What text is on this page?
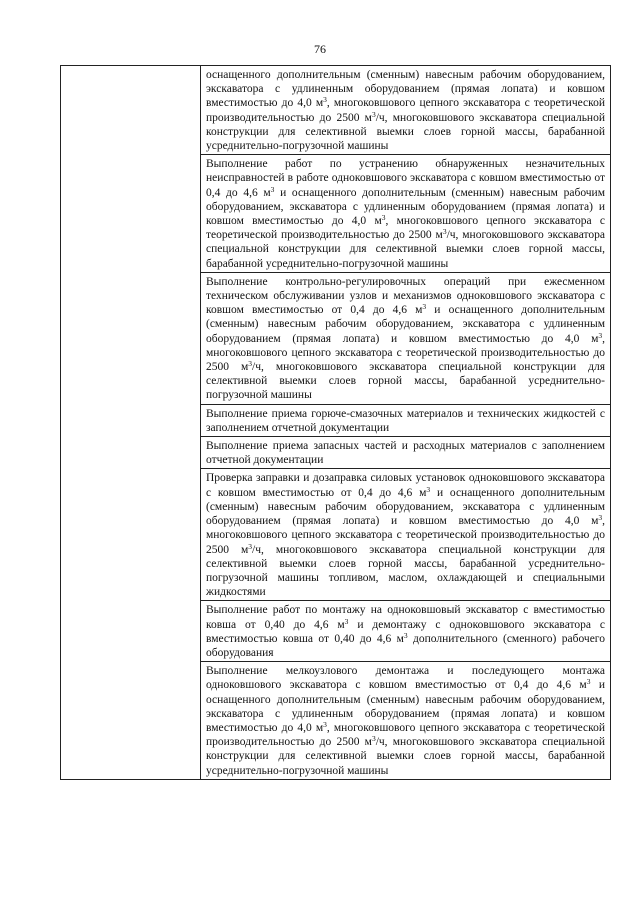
76

оснащенного дополнительным (сменным) навесным рабочим оборудованием, экскаватора с удлиненным оборудованием (прямая лопата) и ковшом вместимостью до 4,0 $м^3$, многоковшового цепного экскаватора с теоретической производительностью до 2500 $м^3/ч$, многоковшового экскаватора специальной конструкции для селективной выемки слоев горной массы, барабанной усреднительно-погрузочной машины

Выполнение работ по устранению обнаруженных незначительных неисправностей в работе одноковшового экскаватора с ковшом вместимостью от 0,4 до 4,6 $м^3$ и оснащенного дополнительным (сменным) навесным рабочим оборудованием, экскаватора с удлиненным оборудованием (прямая лопата) и ковшом вместимостью до 4,0 $м^3$, многоковшового цепного экскаватора с теоретической производительностью до 2500 $м^3/ч$, многоковшового экскаватора специальной конструкции для селективной выемки слоев горной массы, барабанной усреднительно-погрузочной машины

Выполнение контрольно-регулировочных операций при ежесменном техническом обслуживании узлов и механизмов одноковшового экскаватора с ковшом вместимостью от 0,4 до 4,6 $м^3$ и оснащенного дополнительным (сменным) навесным рабочим оборудованием, экскаватора с удлиненным оборудованием (прямая лопата) и ковшом вместимостью до 4,0 $м^3$, многоковшового цепного экскаватора с теоретической производительностью до 2500 $м^3/ч$, многоковшового экскаватора специальной конструкции для селективной выемки слоев горной массы, барабанной усреднительно-погрузочной машины

Выполнение приема горюче-смазочных материалов и технических жидкостей с заполнением отчетной документации

Выполнение приема запасных частей и расходных материалов с заполнением отчетной документации

Проверка заправки и дозаправка силовых установок одноковшового экскаватора с ковшом вместимостью от 0,4 до 4,6 $м^3$ и оснащенного дополнительным (сменным) навесным рабочим оборудованием, экскаватора с удлиненным оборудованием (прямая лопата) и ковшом вместимостью до 4,0 $м^3$, многоковшового цепного экскаватора с теоретической производительностью до 2500 $м^3/ч$, многоковшового экскаватора специальной конструкции для селективной выемки слоев горной массы, барабанной усреднительно-погрузочной машины топливом, маслом, охлаждающей и специальными жидкостями

Выполнение работ по монтажу на одноковшовый экскаватор с вместимостью ковша от 0,40 до 4,6 $м^3$ и демонтажу с одноковшового экскаватора с вместимостью ковша от 0,40 до 4,6 $м^3$ дополнительного (сменного) рабочего оборудования

Выполнение мелкоузлового демонтажа и последующего монтажа одноковшового экскаватора с ковшом вместимостью от 0,4 до 4,6 $м^3$ и оснащенного дополнительным (сменным) навесным рабочим оборудованием, экскаватора с удлиненным оборудованием (прямая лопата) и ковшом вместимостью до 4,0 $м^3$, многоковшового цепного экскаватора с теоретической производительностью до 2500 $м^3/ч$, многоковшового экскаватора специальной конструкции для селективной выемки слоев горной массы, барабанной усреднительно-погрузочной машины
